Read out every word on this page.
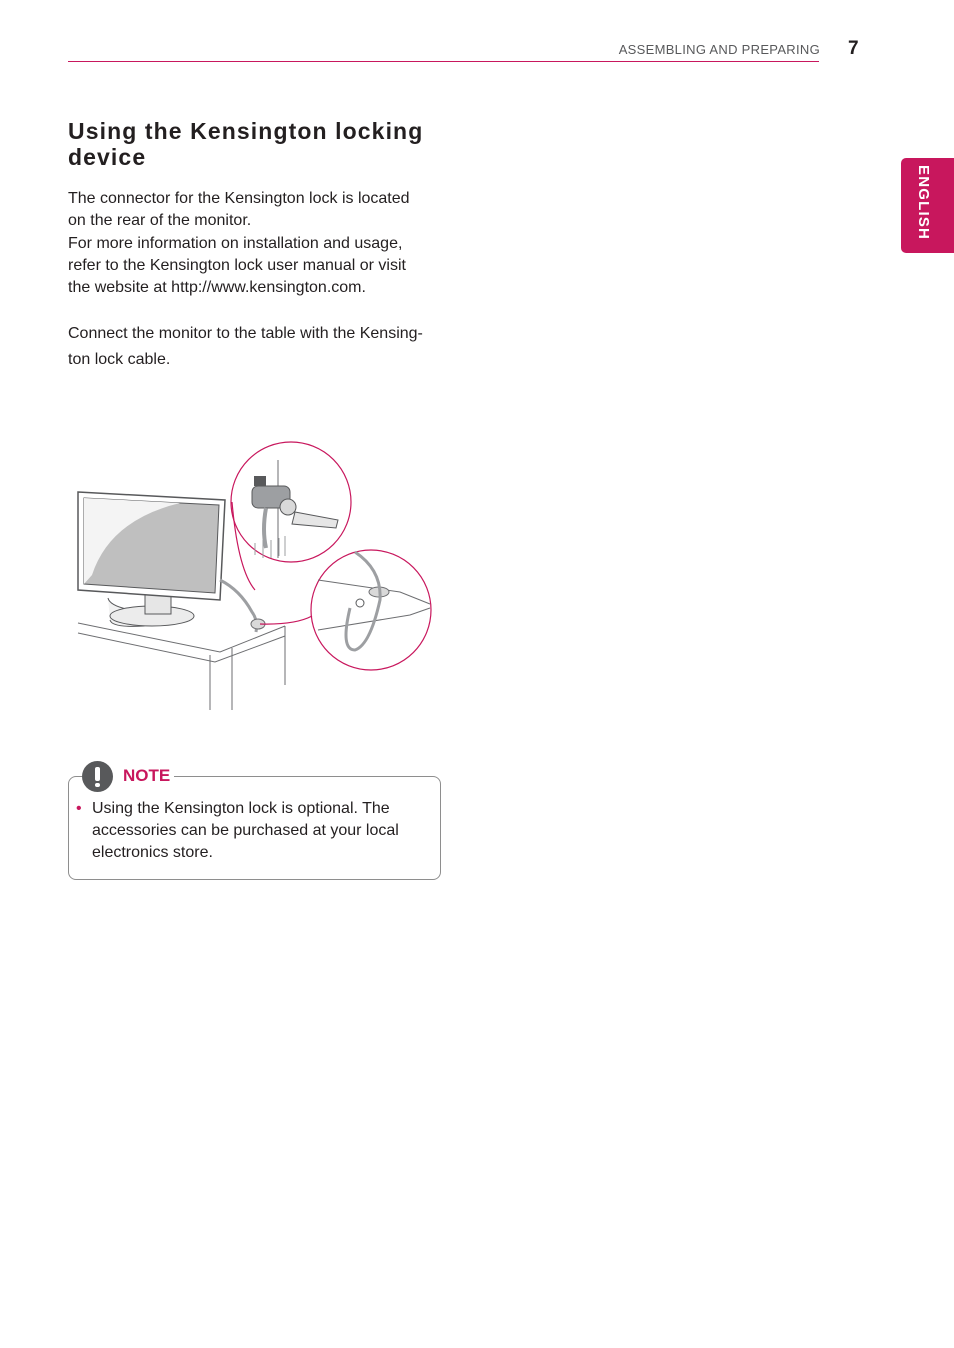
ASSEMBLING AND PREPARING 7
ENGLISH
Using the Kensington locking device

The connector for the Kensington lock is located
on the rear of the monitor.
For more information on installation and usage,
refer to the Kensington lock user manual or visit
the website at http://www.kensington.com.

Connect the monitor to the table with the Kensing-
ton lock cable.

NOTE
• Using the Kensington lock is optional. The
accessories can be purchased at your local
electronics store.
